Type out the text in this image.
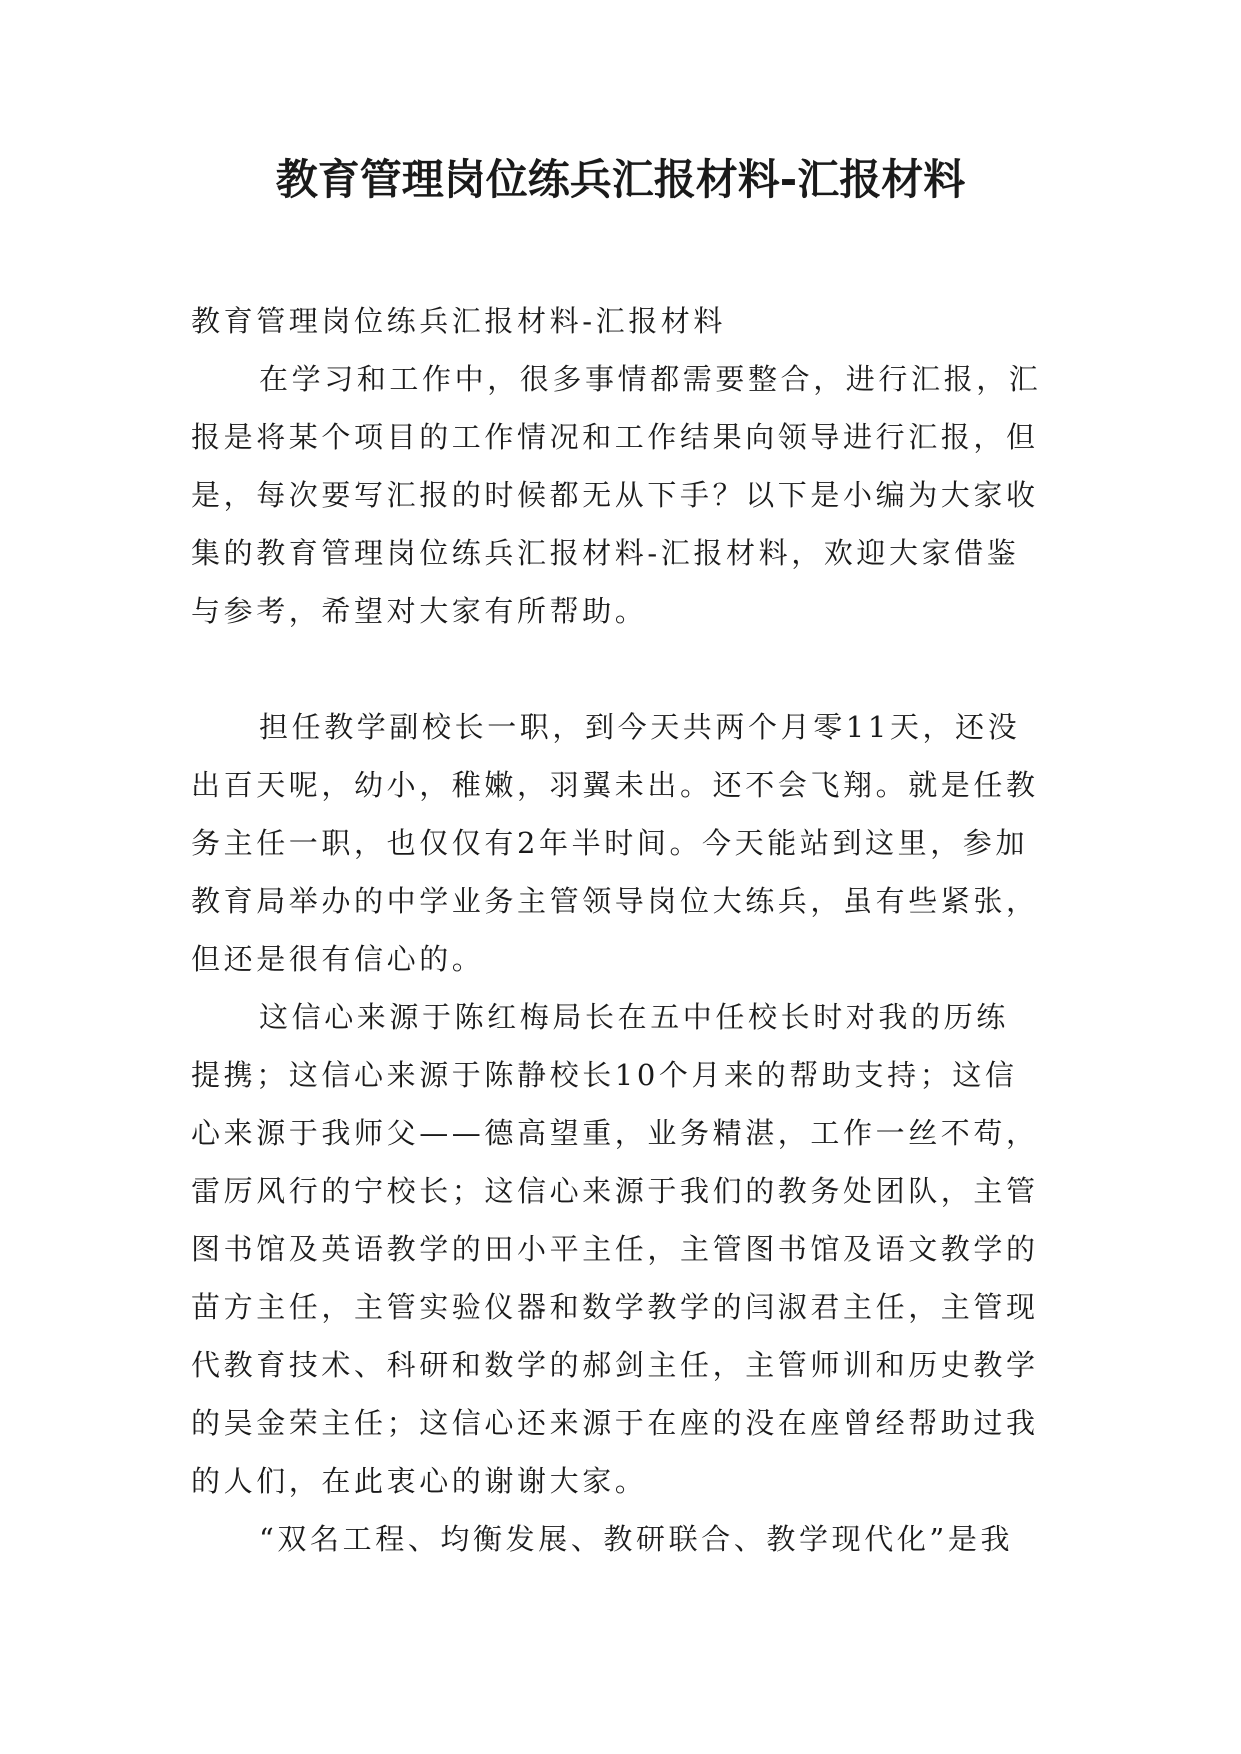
教育管理岗位练兵汇报材料-汇报材料
教育管理岗位练兵汇报材料-汇报材料
在学习和工作中，很多事情都需要整合，进行汇报，汇
报是将某个项目的工作情况和工作结果向领导进行汇报，但
是，每次要写汇报的时候都无从下手？以下是小编为大家收
集的教育管理岗位练兵汇报材料-汇报材料，欢迎大家借鉴
与参考，希望对大家有所帮助。
担任教学副校长一职，到今天共两个月零11天，还没
出百天呢，幼小，稚嫩，羽翼未出。还不会飞翔。就是任教
务主任一职，也仅仅有2年半时间。今天能站到这里，参加
教育局举办的中学业务主管领导岗位大练兵，虽有些紧张，
但还是很有信心的。
这信心来源于陈红梅局长在五中任校长时对我的历练
提携；这信心来源于陈静校长10个月来的帮助支持；这信
心来源于我师父——德高望重，业务精湛，工作一丝不苟，
雷厉风行的宁校长；这信心来源于我们的教务处团队，主管
图书馆及英语教学的田小平主任，主管图书馆及语文教学的
苗方主任，主管实验仪器和数学教学的闫淑君主任，主管现
代教育技术、科研和数学的郝剑主任，主管师训和历史教学
的吴金荣主任；这信心还来源于在座的没在座曾经帮助过我
的人们，在此衷心的谢谢大家。
“双名工程、均衡发展、教研联合、教学现代化”是我
